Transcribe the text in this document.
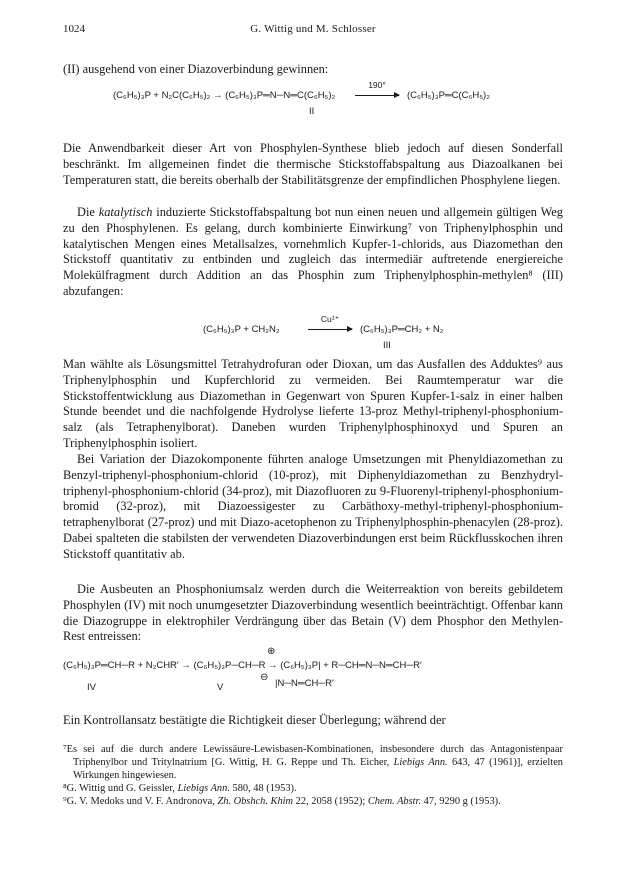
1024	G. Wittig und M. Schlosser

(II) ausgehend von einer Diazoverbindung gewinnen:

(C₆H₅)₃P + N₂C(C₆H₅)₂ → (C₆H₅)₃P═N─N═C(C₆H₅)₂
190°
(C₆H₅)₃P═C(C₆H₅)₂
II

Die Anwendbarkeit dieser Art von Phosphylen-Synthese blieb jedoch auf diesen Sonderfall beschränkt. Im allgemeinen findet die thermische Stickstoffabspaltung aus Diazoalkanen bei Temperaturen statt, die bereits oberhalb der Stabilitätsgrenze der empfindlichen Phosphylene liegen.

Die katalytisch induzierte Stickstoffabspaltung bot nun einen neuen und allgemein gültigen Weg zu den Phosphylenen. Es gelang, durch kombinierte Einwirkung⁷ von Triphenylphosphin und katalytischen Mengen eines Metallsalzes, vornehmlich Kupfer-1-chlorids, aus Diazomethan den Stickstoff quantitativ zu entbinden und zugleich das intermediär auftretende energiereiche Molekülfragment durch Addition an das Phosphin zum Triphenylphosphin-methylen⁸ (III) abzufangen:

(C₆H₅)₃P + CH₂N₂
Cu¹⁺
(C₆H₅)₃P═CH₂ + N₂
III

Man wählte als Lösungsmittel Tetrahydrofuran oder Dioxan, um das Ausfallen des Adduktes⁹ aus Triphenylphosphin und Kupferchlorid zu vermeiden. Bei Raumtemperatur war die Stickstoffentwicklung aus Diazomethan in Gegenwart von Spuren Kupfer-1-salz in einer halben Stunde beendet und die nachfolgende Hydrolyse lieferte 13-proz Methyl-triphenyl-phosphonium-salz (als Tetraphenylborat). Daneben wurden Triphenylphosphinoxyd und Spuren an Triphenylphosphin isoliert.

Bei Variation der Diazokomponente führten analoge Umsetzungen mit Phenyldiazomethan zu Benzyl-triphenyl-phosphonium-chlorid (10-proz), mit Diphenyldiazomethan zu Benzhydryl-triphenyl-phosphonium-chlorid (34-proz), mit Diazofluoren zu 9-Fluorenyl-triphenyl-phosphonium-bromid (32-proz), mit Diazoessigester zu Carbäthoxy-methyl-triphenyl-phosphonium-tetraphenylborat (27-proz) und mit Diazo-acetophenon zu Triphenylphosphin-phenacylen (28-proz). Dabei spalteten die stabilsten der verwendeten Diazoverbindungen erst beim Rückflusskochen ihren Stickstoff quantitativ ab.

Die Ausbeuten an Phosphoniumsalz werden durch die Weiterreaktion von bereits gebildetem Phosphylen (IV) mit noch unumgesetzter Diazoverbindung wesentlich beeinträchtigt. Offenbar kann die Diazogruppe in elektrophiler Verdrängung über das Betain (V) dem Phosphor den Methylen-Rest entreissen:

⊕
(C₆H₅)₃P═CH─R + N₂CHR′ → (C₆H₅)₃P─CH─R → (C₆H₅)₃P| + R─CH═N─N═CH─R′
⊖
|N─N═CH─R′
IV	V

Ein Kontrollansatz bestätigte die Richtigkeit dieser Überlegung; während der

⁷Es sei auf die durch andere Lewissäure-Lewisbasen-Kombinationen, insbesondere durch das Antagonistenpaar Triphenylbor und Tritylnatrium [G. Wittig, H. G. Reppe und Th. Eicher, Liebigs Ann. 643, 47 (1961)], erzielten Wirkungen hingewiesen.

⁸G. Wittig und G. Geissler, Liebigs Ann. 580, 48 (1953).

⁹G. V. Medoks und V. F. Andronova, Zh. Obshch. Khim 22, 2058 (1952); Chem. Abstr. 47, 9290 g (1953).
